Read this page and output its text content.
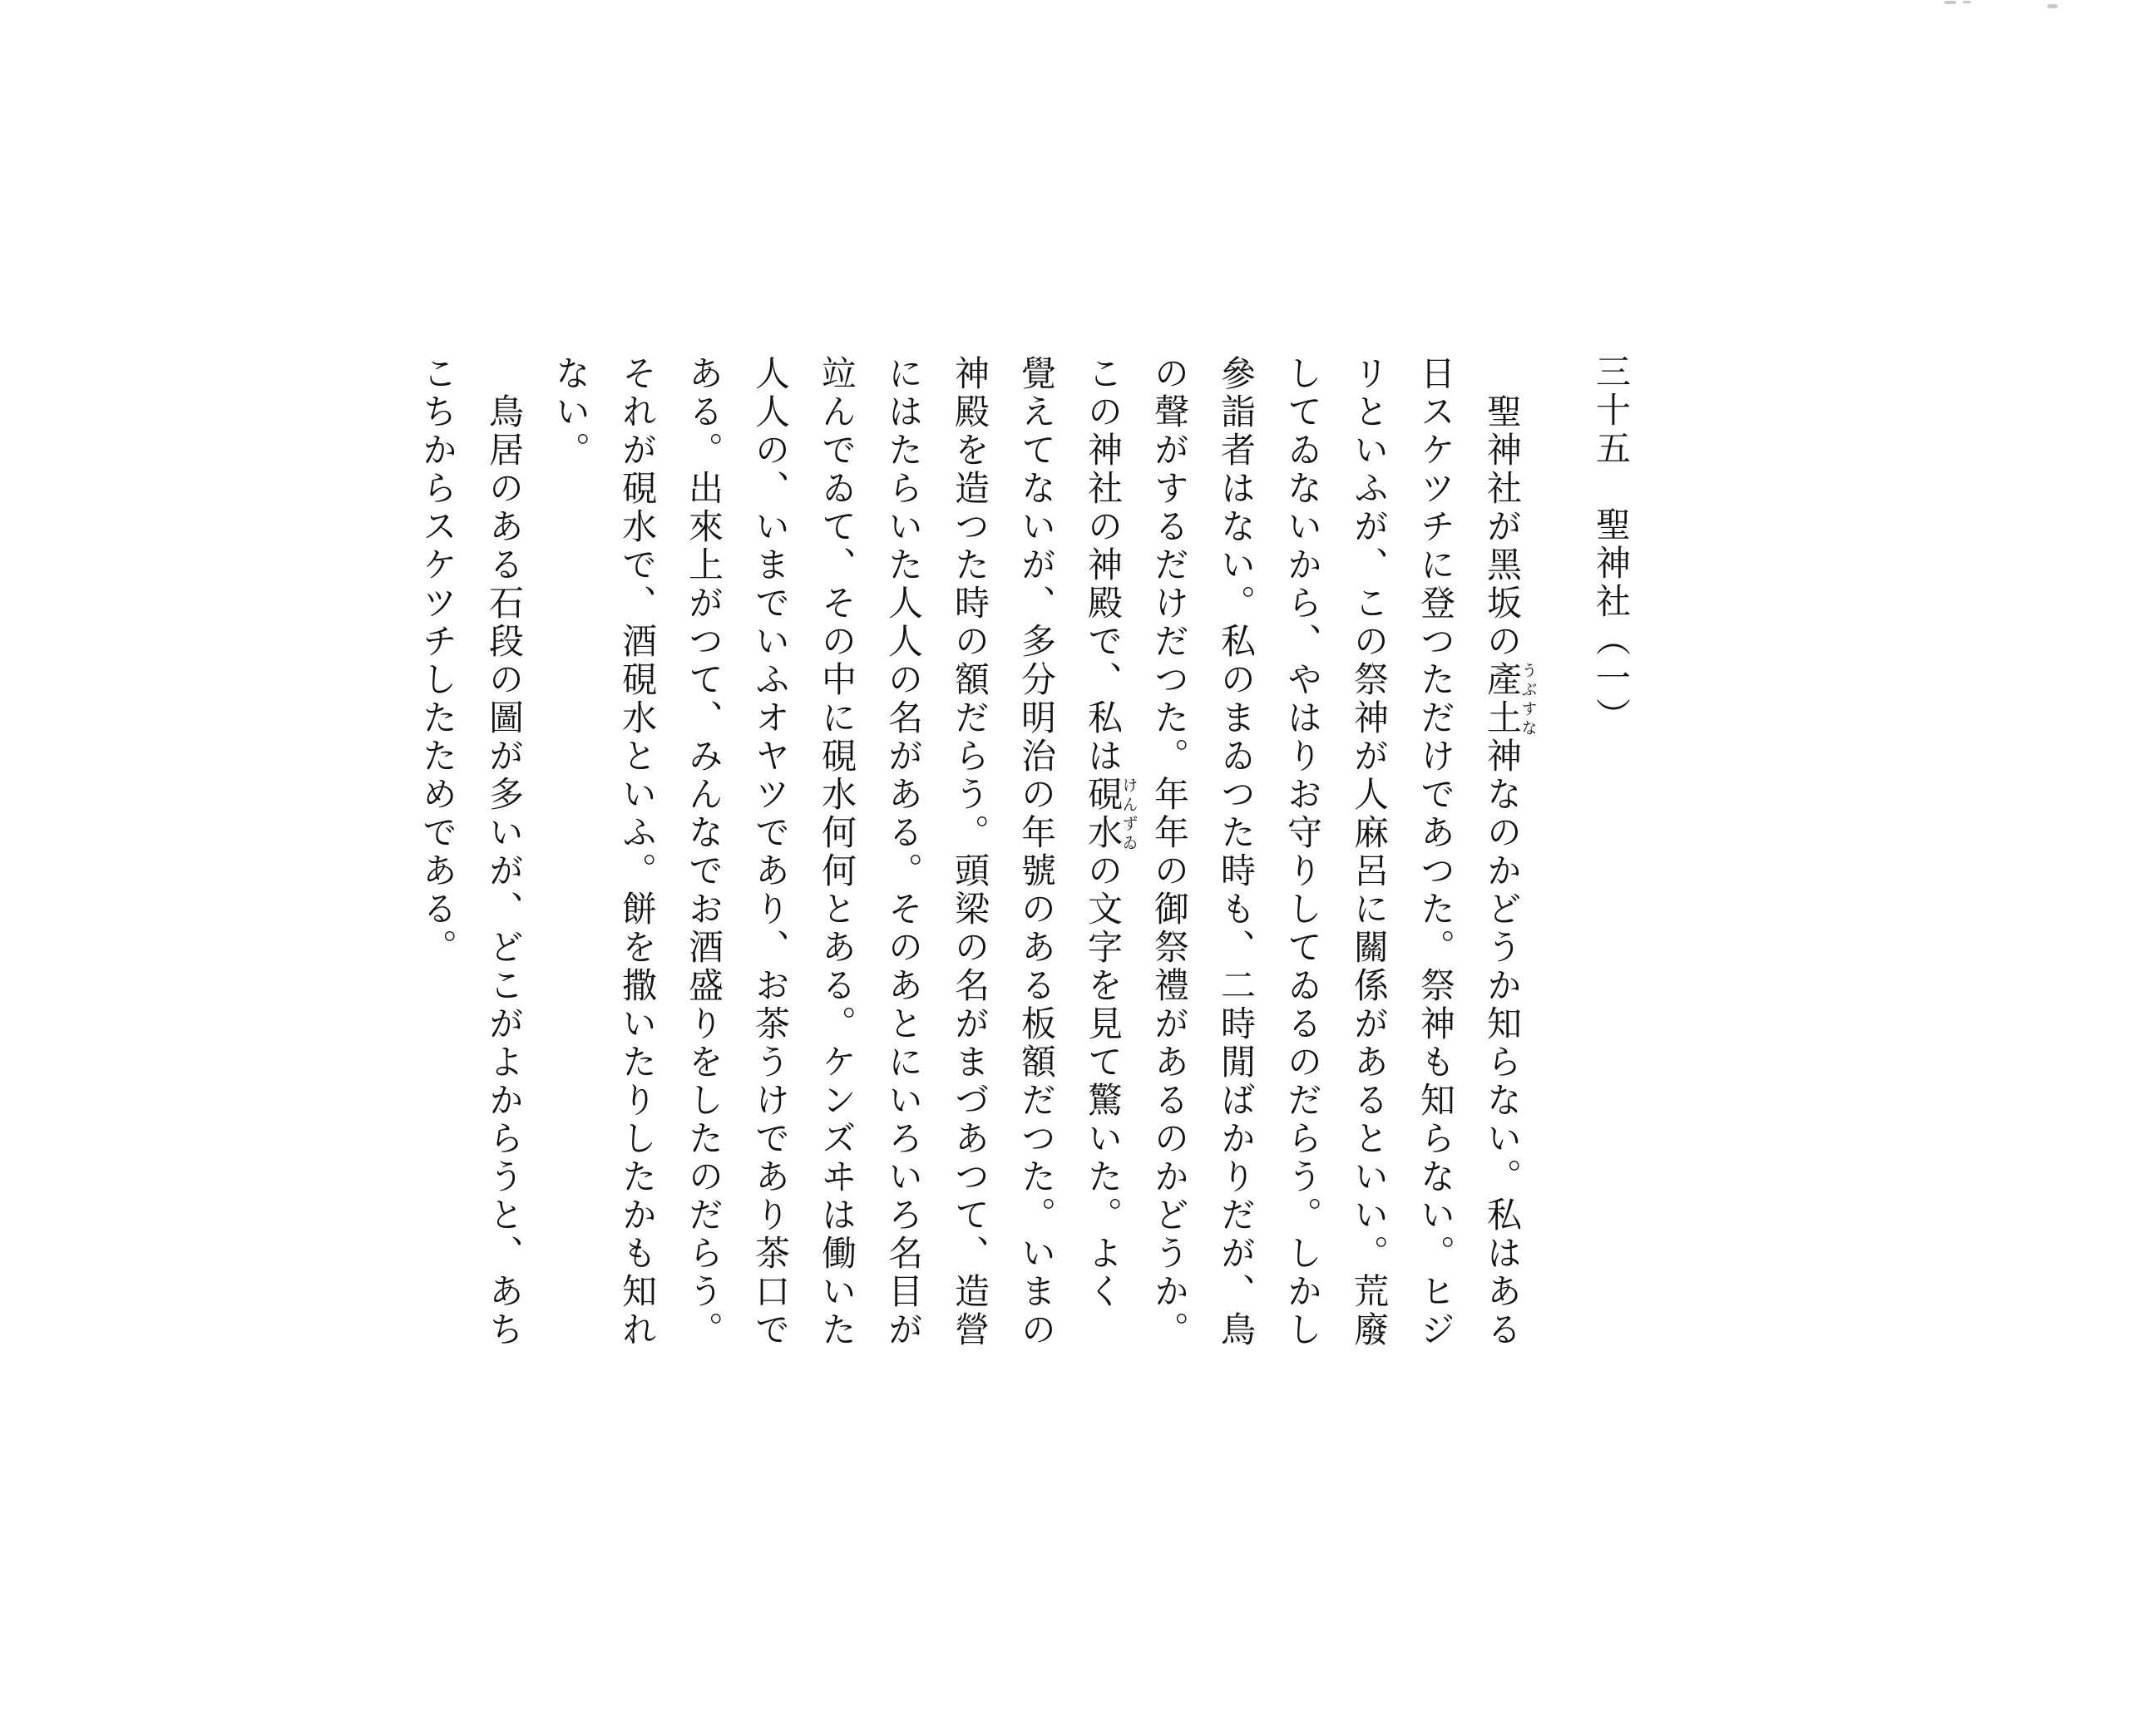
三十五　聖神社（一）
　聖神社が黑坂の產土うぶすな神なのかどうか知らない。私はある
日スケツチに登つただけであつた。祭神も知らない。ヒジ
リといふが、この祭神が人麻呂に關係があるといい。荒廢
してゐないから、やはりお守りしてゐるのだらう。しかし
參詣者はない。私のまゐつた時も、二時閒ばかりだが、鳥
の聲がするだけだつた。年年の御祭禮があるのかどうか。
この神社の神殿で、私は硯水けんずゐの文字を見て驚いた。よく
覺えてないが、多分明治の年號のある板額だつた。いまの
神殿を造つた時の額だらう。頭梁の名がまづあつて、造營
にはたらいた人人の名がある。そのあとにいろいろ名目が
竝んでゐて、その中に硯水何何とある。ケンズヰは働いた
人人の、いまでいふオヤツであり、お茶うけであり茶口で
ある。出來上がつて、みんなでお酒盛りをしたのだらう。
それが硯水で、酒硯水といふ。餅を撒いたりしたかも知れ
ない。
　鳥居のある石段の圖が多いが、どこがよからうと、あち
こちからスケツチしたためである。
